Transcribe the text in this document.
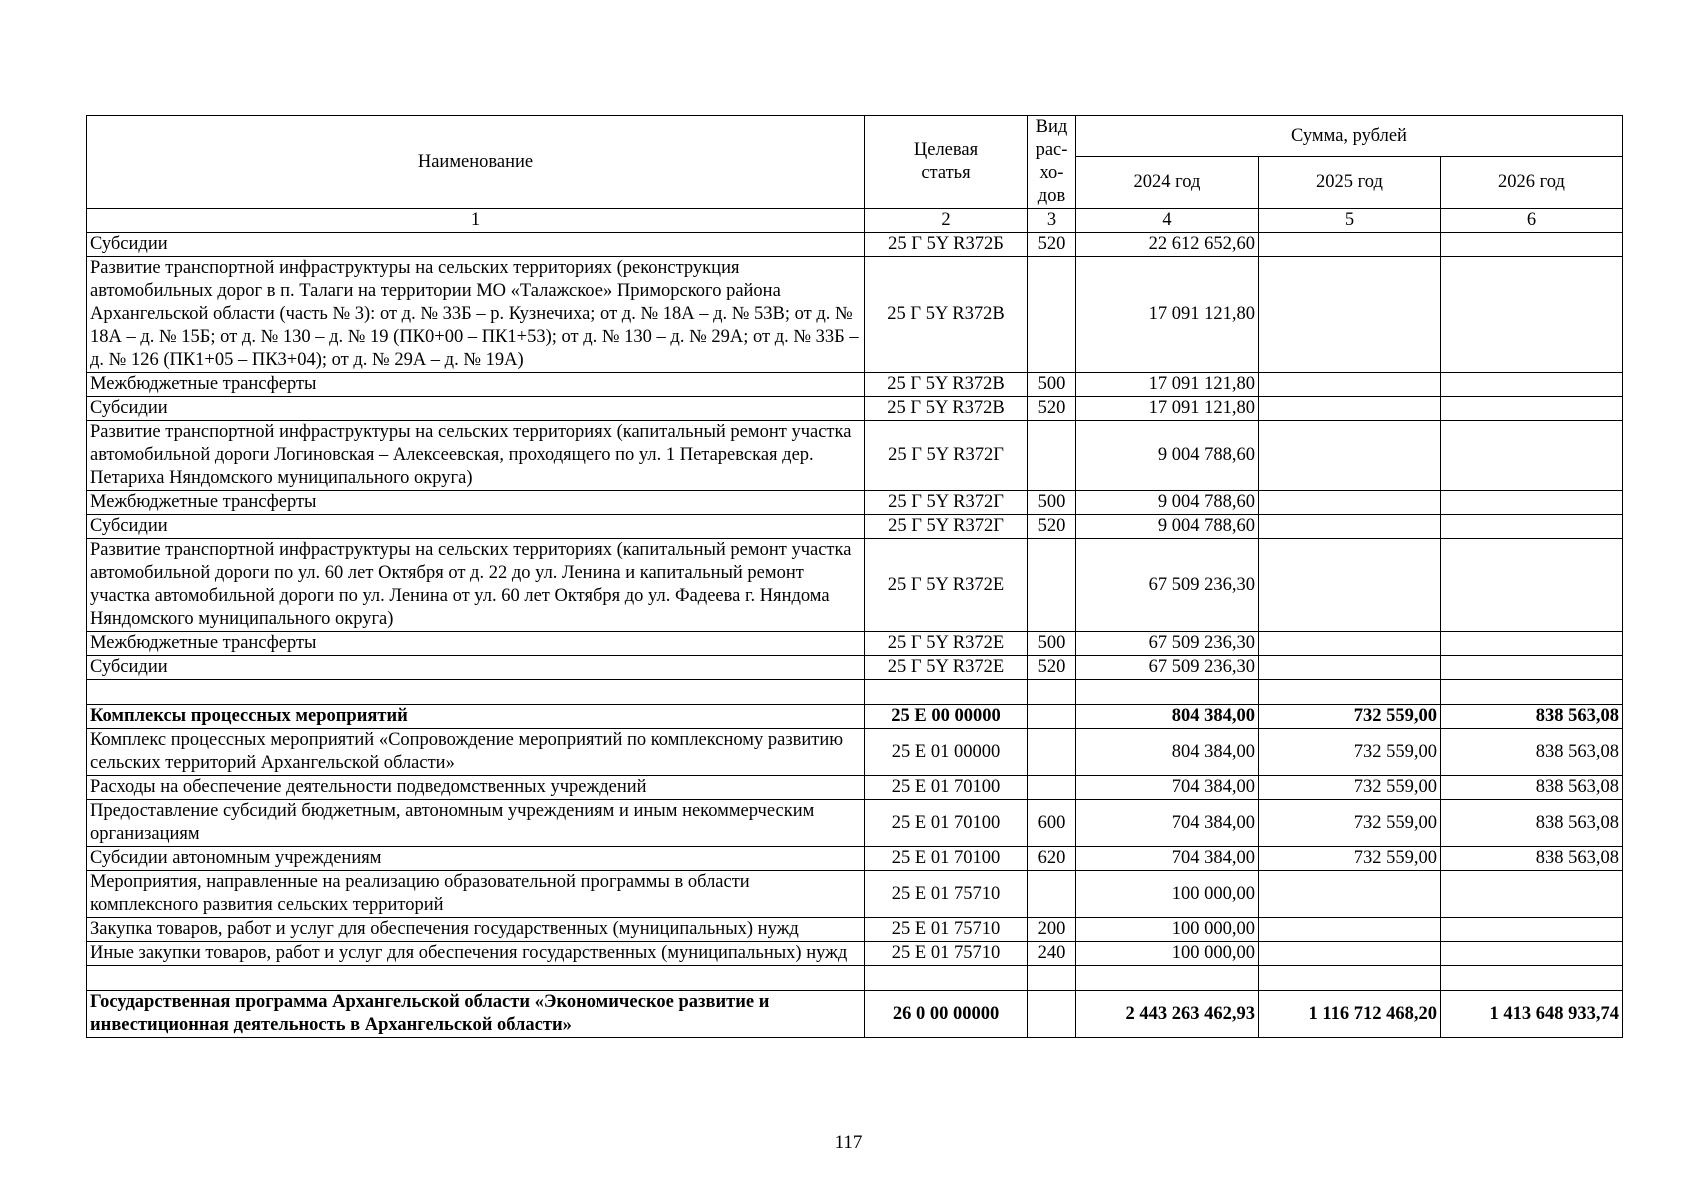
Наименование	Целевая статья	Вид рас-хо-дов	Сумма, рублей		
			2024 год	2025 год	2026 год
1	2	3	4	5	6
Субсидии	25 Г 5Y R372Б	520	22 612 652,60		
Развитие транспортной инфраструктуры на сельских территориях (реконструкция автомобильных дорог в п. Талаги на территории МО «Талажское» Приморского района Архангельской области (часть № 3): от д. № 33Б – р. Кузнечиха; от д. № 18А – д. № 53В; от д. № 18А – д. № 15Б; от д. № 130 – д. № 19 (ПК0+00 – ПК1+53); от д. № 130 – д. № 29А; от д. № 33Б – д. № 126 (ПК1+05 – ПК3+04); от д. № 29А – д. № 19А)	25 Г 5Y R372В		17 091 121,80		
Межбюджетные трансферты	25 Г 5Y R372В	500	17 091 121,80		
Субсидии	25 Г 5Y R372В	520	17 091 121,80		
Развитие транспортной инфраструктуры на сельских территориях (капитальный ремонт участка автомобильной дороги Логиновская – Алексеевская, проходящего по ул. 1 Петаревская дер. Петариха Няндомского муниципального округа)	25 Г 5Y R372Г		9 004 788,60		
Межбюджетные трансферты	25 Г 5Y R372Г	500	9 004 788,60		
Субсидии	25 Г 5Y R372Г	520	9 004 788,60		
Развитие транспортной инфраструктуры на сельских территориях (капитальный ремонт участка автомобильной дороги по ул. 60 лет Октября от д. 22 до ул. Ленина и капитальный ремонт участка автомобильной дороги по ул. Ленина от ул. 60 лет Октября до ул. Фадеева г. Няндома Няндомского муниципального округа)	25 Г 5Y R372Е		67 509 236,30		
Межбюджетные трансферты	25 Г 5Y R372Е	500	67 509 236,30		
Субсидии	25 Г 5Y R372Е	520	67 509 236,30		

Комплексы процессных мероприятий	25 Е 00 00000		804 384,00	732 559,00	838 563,08
Комплекс процессных мероприятий «Сопровождение мероприятий по комплексному развитию сельских территорий Архангельской области»	25 Е 01 00000		804 384,00	732 559,00	838 563,08
Расходы на обеспечение деятельности подведомственных учреждений	25 Е 01 70100		704 384,00	732 559,00	838 563,08
Предоставление субсидий бюджетным, автономным учреждениям и иным некоммерческим организациям	25 Е 01 70100	600	704 384,00	732 559,00	838 563,08
Субсидии автономным учреждениям	25 Е 01 70100	620	704 384,00	732 559,00	838 563,08
Мероприятия, направленные на реализацию образовательной программы в области комплексного развития сельских территорий	25 Е 01 75710		100 000,00		
Закупка товаров, работ и услуг для обеспечения государственных (муниципальных) нужд	25 Е 01 75710	200	100 000,00		
Иные закупки товаров, работ и услуг для обеспечения государственных (муниципальных) нужд	25 Е 01 75710	240	100 000,00		

Государственная программа Архангельской области «Экономическое развитие и инвестиционная деятельность в Архангельской области»	26 0 00 00000		2 443 263 462,93	1 116 712 468,20	1 413 648 933,74
117
